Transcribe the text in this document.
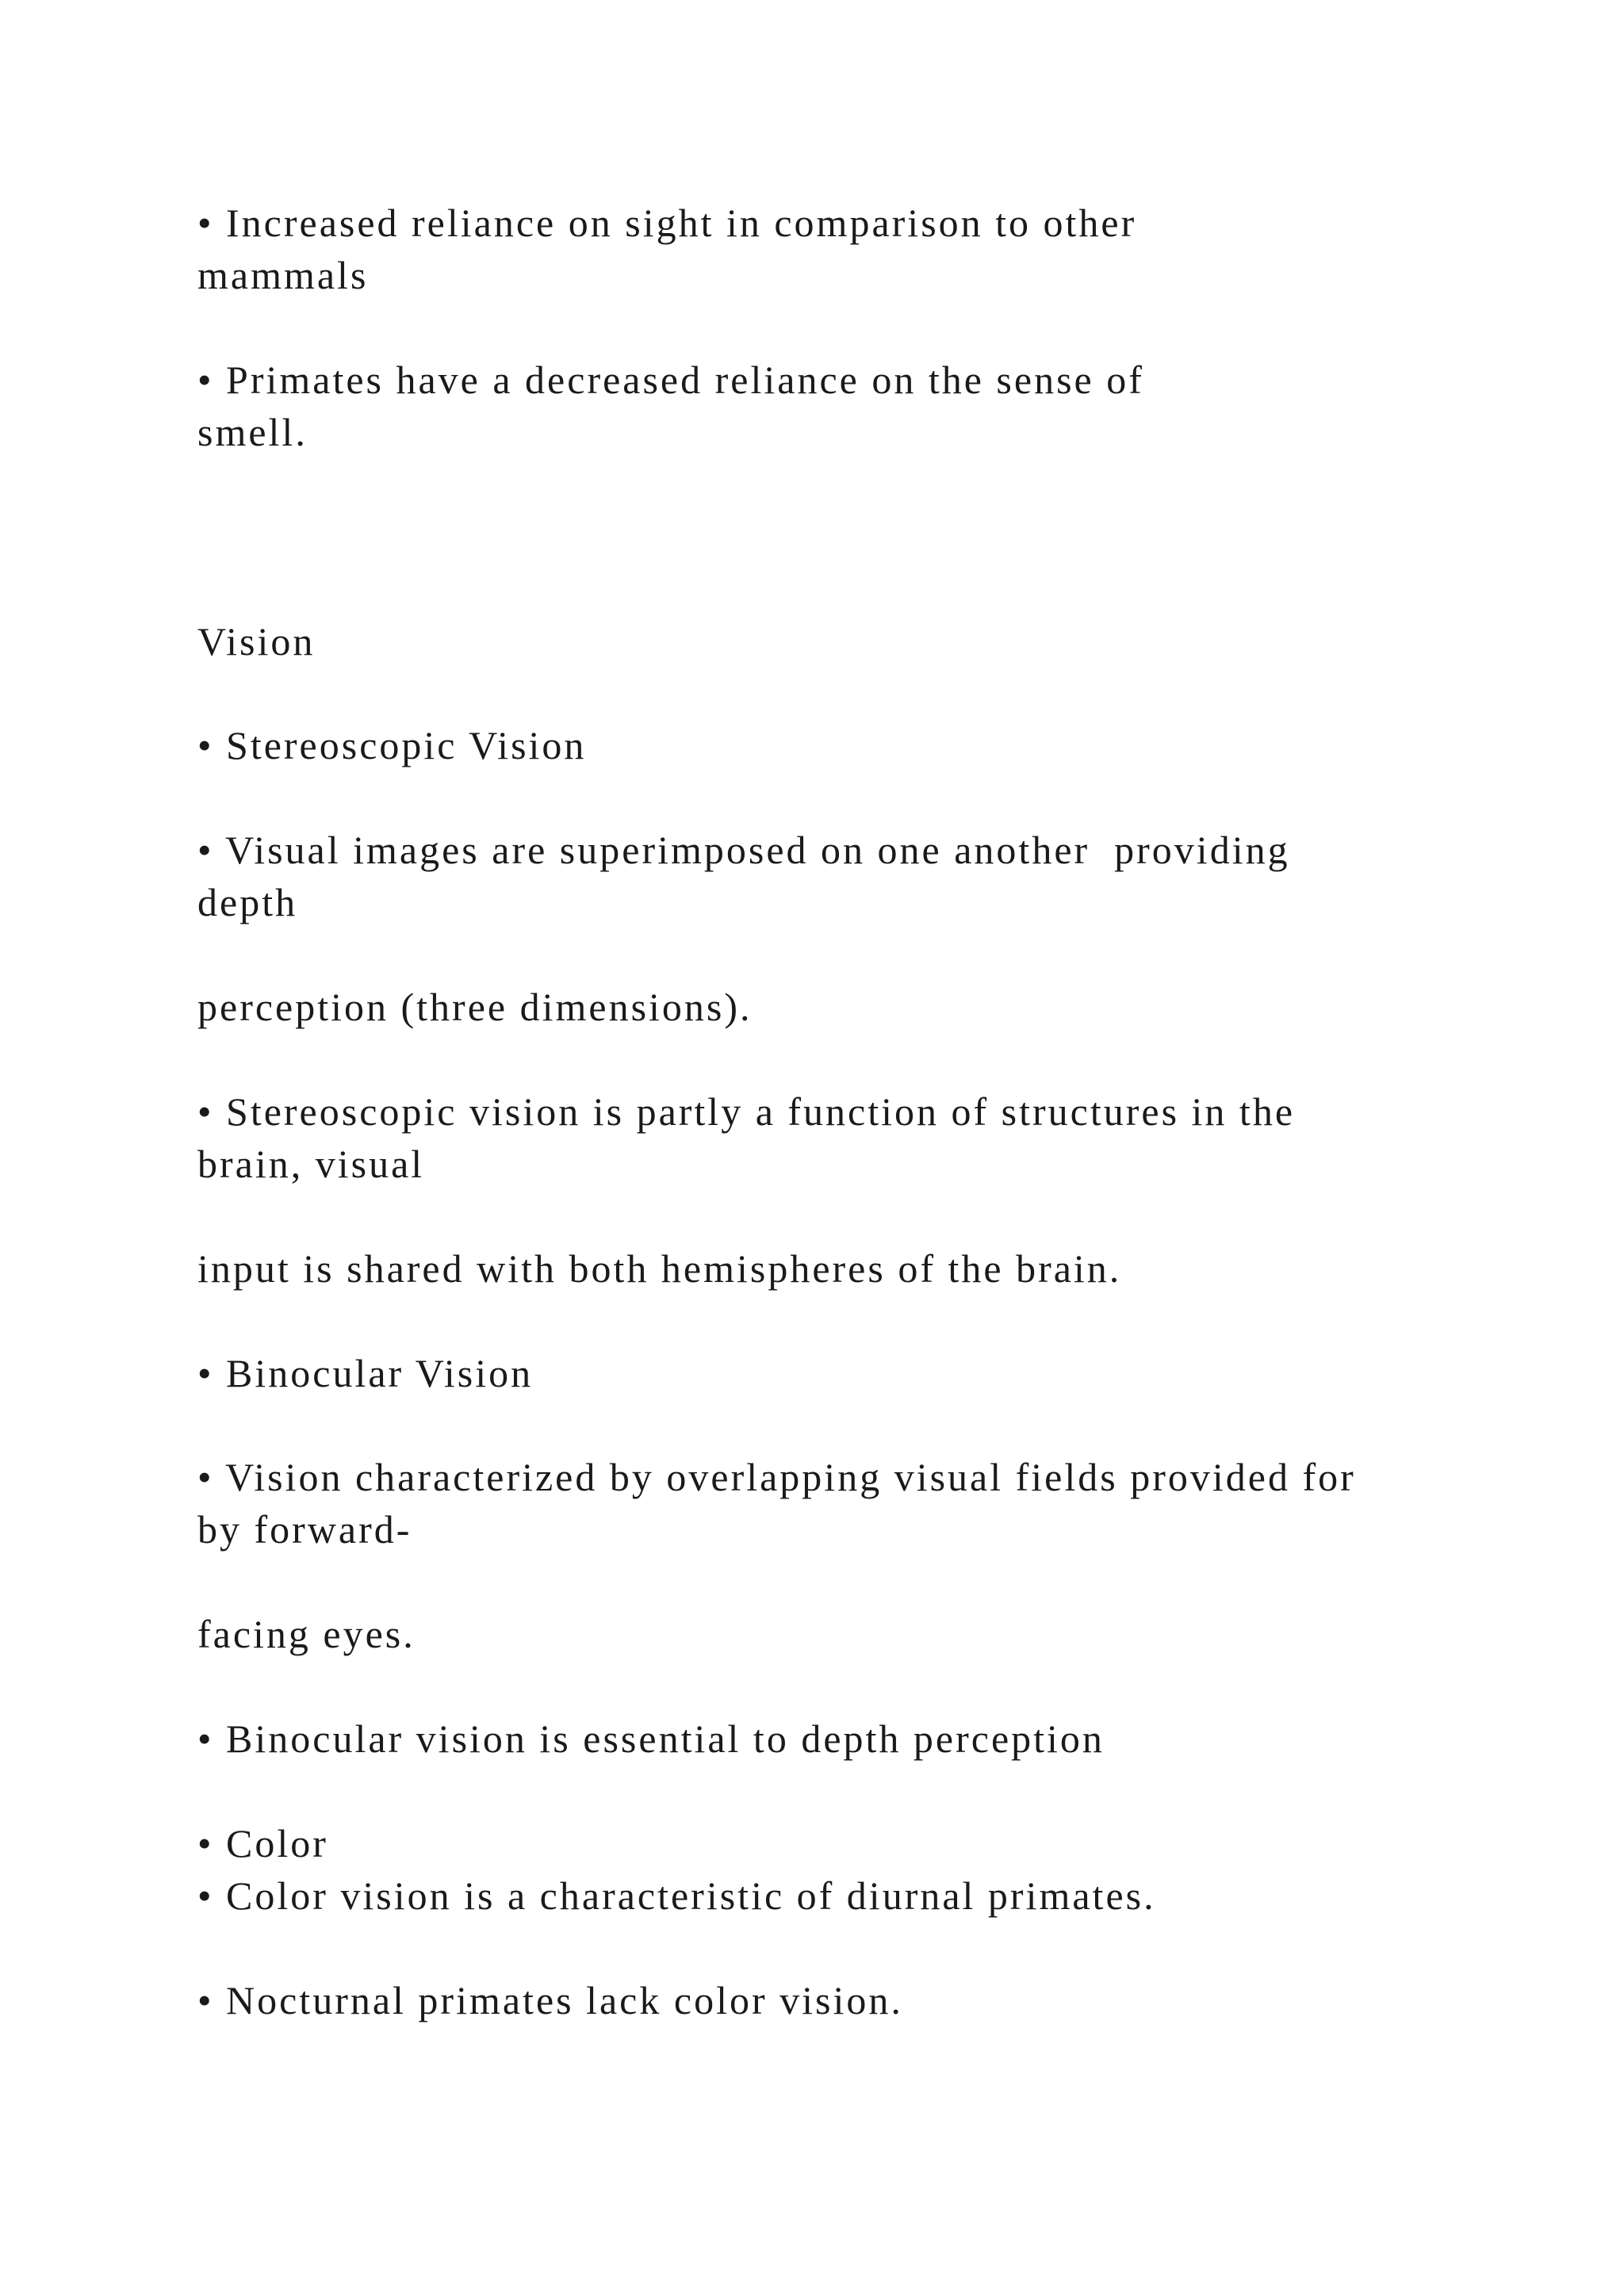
• Increased reliance on sight in comparison to other
mammals
• Primates have a decreased reliance on the sense of
smell.
Vision
• Stereoscopic Vision
• Visual images are superimposed on one another  providing
depth
perception (three dimensions).
• Stereoscopic vision is partly a function of structures in the
brain, visual
input is shared with both hemispheres of the brain.
• Binocular Vision
• Vision characterized by overlapping visual fields provided for
by forward-
facing eyes.
• Binocular vision is essential to depth perception
• Color
• Color vision is a characteristic of diurnal primates.
• Nocturnal primates lack color vision.
